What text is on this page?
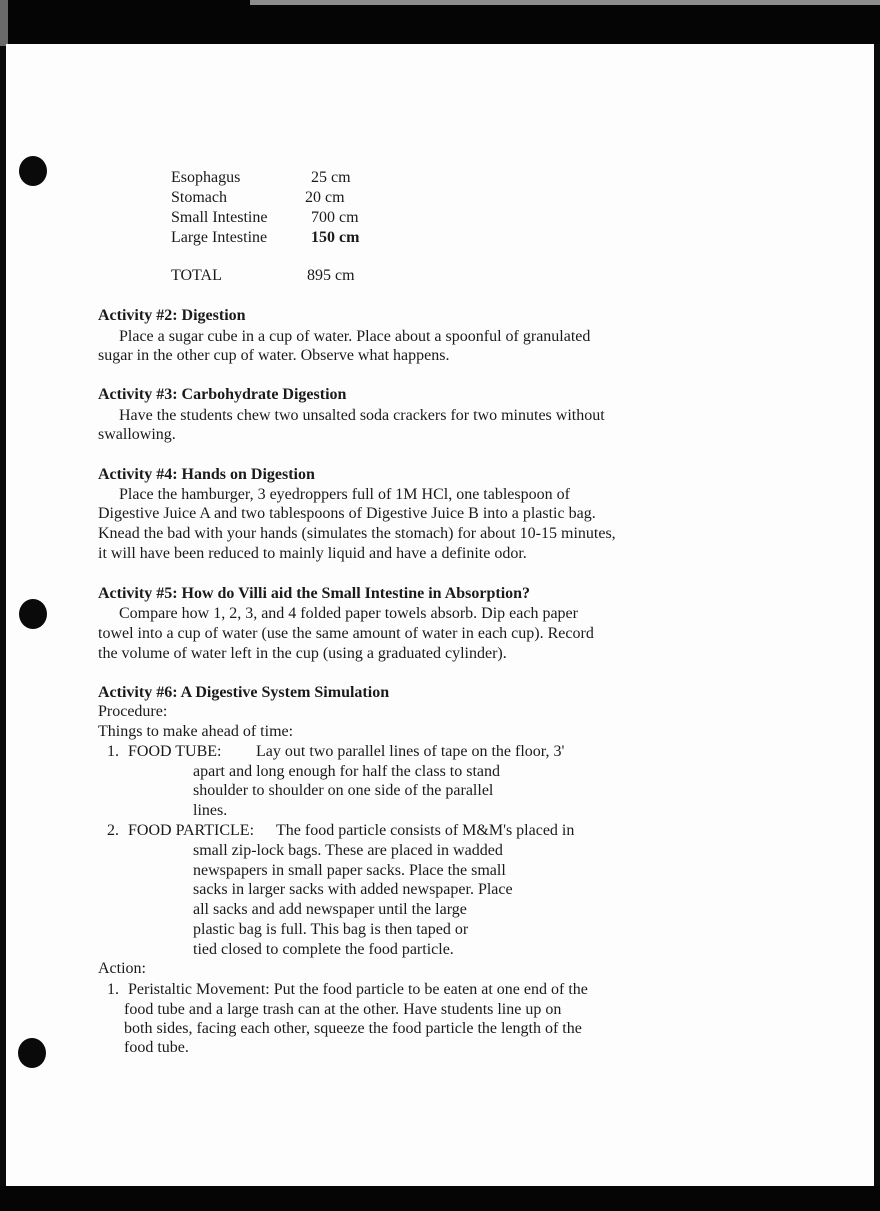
Esophagus	25 cm
Stomach	20 cm
Small Intestine	700 cm
Large Intestine	150 cm
TOTAL	895 cm
Activity #2: Digestion
Place a sugar cube in a cup of water. Place about a spoonful of granulated
sugar in the other cup of water. Observe what happens.
Activity #3: Carbohydrate Digestion
Have the students chew two unsalted soda crackers for two minutes without
swallowing.
Activity #4: Hands on Digestion
Place the hamburger, 3 eyedroppers full of 1M HCl, one tablespoon of
Digestive Juice A and two tablespoons of Digestive Juice B into a plastic bag.
Knead the bad with your hands (simulates the stomach) for about 10-15 minutes,
it will have been reduced to mainly liquid and have a definite odor.
Activity #5: How do Villi aid the Small Intestine in Absorption?
Compare how 1, 2, 3, and 4 folded paper towels absorb. Dip each paper
towel into a cup of water (use the same amount of water in each cup). Record
the volume of water left in the cup (using a graduated cylinder).
Activity #6: A Digestive System Simulation
Procedure:
Things to make ahead of time:
1. FOOD TUBE: Lay out two parallel lines of tape on the floor, 3'
apart and long enough for half the class to stand
shoulder to shoulder on one side of the parallel
lines.
2. FOOD PARTICLE: The food particle consists of M&M's placed in
small zip-lock bags. These are placed in wadded
newspapers in small paper sacks. Place the small
sacks in larger sacks with added newspaper. Place
all sacks and add newspaper until the large
plastic bag is full. This bag is then taped or
tied closed to complete the food particle.
Action:
1. Peristaltic Movement: Put the food particle to be eaten at one end of the
food tube and a large trash can at the other. Have students line up on
both sides, facing each other, squeeze the food particle the length of the
food tube.
